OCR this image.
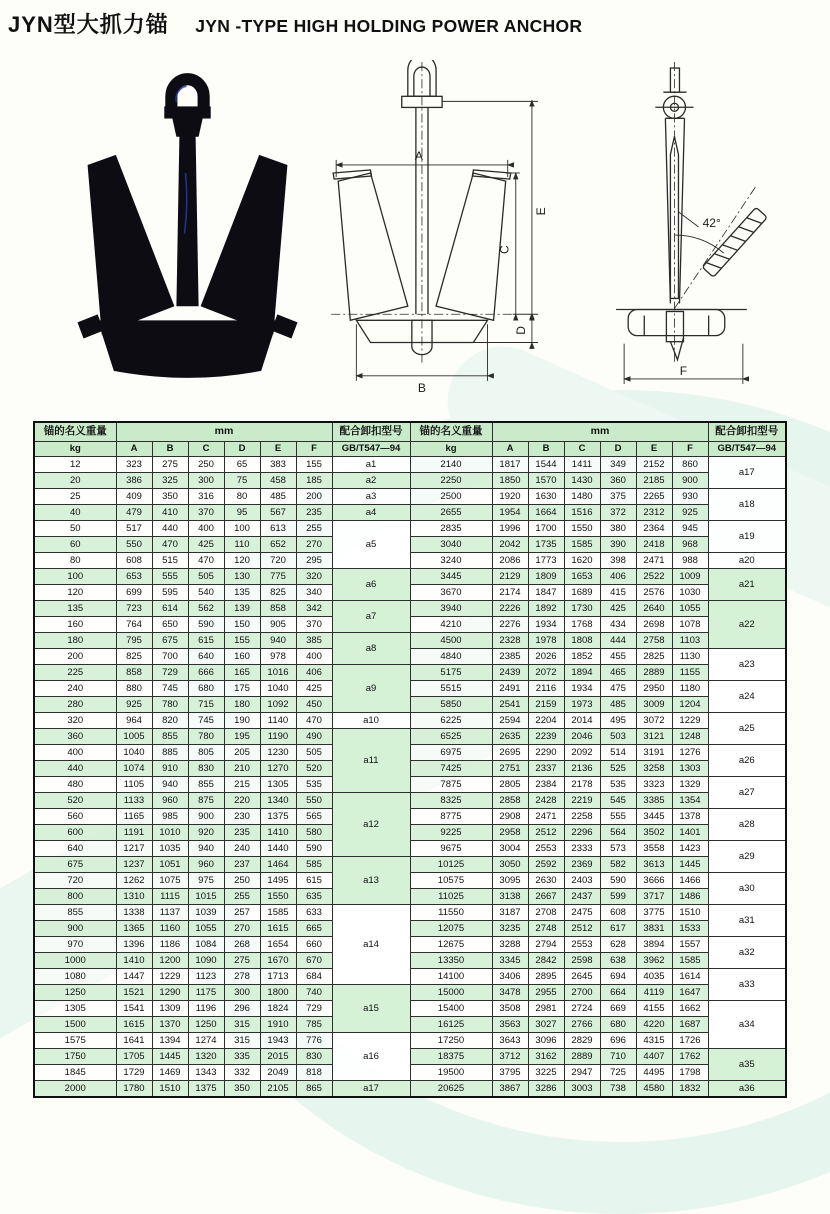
JYN型大抓力锚 JYN -TYPE HIGH HOLDING POWER ANCHOR
A
B
C
D
E
42°
F
锚的名义重量	mm						配合卸扣型号	锚的名义重量	mm						配合卸扣型号
kg	A	B	C	D	E	F	GB/T547—94	kg	A	B	C	D	E	F	GB/T547—94
12	323	275	250	65	383	155	a1	2140	1817	1544	1411	349	2152	860	a17
20	386	325	300	75	458	185	a2	2250	1850	1570	1430	360	2185	900	
25	409	350	316	80	485	200	a3	2500	1920	1630	1480	375	2265	930	a18
40	479	410	370	95	567	235	a4	2655	1954	1664	1516	372	2312	925	
50	517	440	400	100	613	255	a5	2835	1996	1700	1550	380	2364	945	a19
60	550	470	425	110	652	270		3040	2042	1735	1585	390	2418	968	
80	608	515	470	120	720	295		3240	2086	1773	1620	398	2471	988	a20
100	653	555	505	130	775	320	a6	3445	2129	1809	1653	406	2522	1009	a21
120	699	595	540	135	825	340		3670	2174	1847	1689	415	2576	1030	
135	723	614	562	139	858	342	a7	3940	2226	1892	1730	425	2640	1055	a22
160	764	650	590	150	905	370		4210	2276	1934	1768	434	2698	1078	
180	795	675	615	155	940	385	a8	4500	2328	1978	1808	444	2758	1103	
200	825	700	640	160	978	400		4840	2385	2026	1852	455	2825	1130	a23
225	858	729	666	165	1016	406	a9	5175	2439	2072	1894	465	2889	1155	
240	880	745	680	175	1040	425		5515	2491	2116	1934	475	2950	1180	a24
280	925	780	715	180	1092	450		5850	2541	2159	1973	485	3009	1204	
320	964	820	745	190	1140	470	a10	6225	2594	2204	2014	495	3072	1229	a25
360	1005	855	780	195	1190	490	a11	6525	2635	2239	2046	503	3121	1248	
400	1040	885	805	205	1230	505		6975	2695	2290	2092	514	3191	1276	a26
440	1074	910	830	210	1270	520		7425	2751	2337	2136	525	3258	1303	
480	1105	940	855	215	1305	535		7875	2805	2384	2178	535	3323	1329	a27
520	1133	960	875	220	1340	550	a12	8325	2858	2428	2219	545	3385	1354	
560	1165	985	900	230	1375	565		8775	2908	2471	2258	555	3445	1378	a28
600	1191	1010	920	235	1410	580		9225	2958	2512	2296	564	3502	1401	
640	1217	1035	940	240	1440	590		9675	3004	2553	2333	573	3558	1423	a29
675	1237	1051	960	237	1464	585	a13	10125	3050	2592	2369	582	3613	1445	
720	1262	1075	975	250	1495	615		10575	3095	2630	2403	590	3666	1466	a30
800	1310	1115	1015	255	1550	635		11025	3138	2667	2437	599	3717	1486	
855	1338	1137	1039	257	1585	633	a14	11550	3187	2708	2475	608	3775	1510	a31
900	1365	1160	1055	270	1615	665		12075	3235	2748	2512	617	3831	1533	
970	1396	1186	1084	268	1654	660		12675	3288	2794	2553	628	3894	1557	a32
1000	1410	1200	1090	275	1670	670		13350	3345	2842	2598	638	3962	1585	
1080	1447	1229	1123	278	1713	684		14100	3406	2895	2645	694	4035	1614	a33
1250	1521	1290	1175	300	1800	740	a15	15000	3478	2955	2700	664	4119	1647	
1305	1541	1309	1196	296	1824	729		15400	3508	2981	2724	669	4155	1662	a34
1500	1615	1370	1250	315	1910	785		16125	3563	3027	2766	680	4220	1687	
1575	1641	1394	1274	315	1943	776	a16	17250	3643	3096	2829	696	4315	1726	
1750	1705	1445	1320	335	2015	830		18375	3712	3162	2889	710	4407	1762	a35
1845	1729	1469	1343	332	2049	818		19500	3795	3225	2947	725	4495	1798	
2000	1780	1510	1375	350	2105	865	a17	20625	3867	3286	3003	738	4580	1832	a36
